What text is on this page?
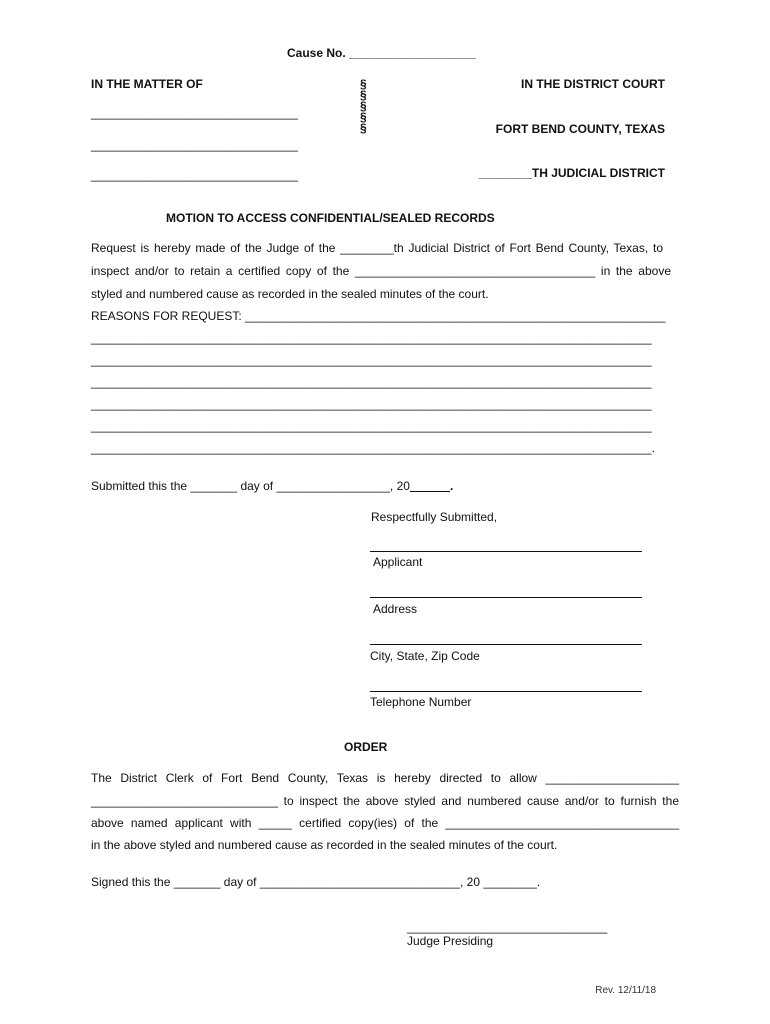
Cause No. ___________________
IN THE MATTER OF
_______________________________
_______________________________
_______________________________
§
§
§
§
§
IN THE DISTRICT COURT
FORT BEND COUNTY, TEXAS
________TH JUDICIAL DISTRICT
MOTION TO ACCESS CONFIDENTIAL/SEALED RECORDS
Request is hereby made of the Judge of the ________th Judicial District of Fort Bend County, Texas, to
inspect and/or to retain a certified copy of the ____________________________________ in the above
styled and numbered cause as recorded in the sealed minutes of the court.
REASONS FOR REQUEST: _______________________________________________________________
____________________________________________________________________________________
____________________________________________________________________________________
____________________________________________________________________________________
____________________________________________________________________________________
____________________________________________________________________________________
____________________________________________________________________________________.
Submitted this the _______ day of _________________, 20______.
Respectfully Submitted,
Applicant
Address
City, State, Zip Code
Telephone Number
ORDER
The District Clerk of Fort Bend County, Texas is hereby directed to allow ____________________
____________________________ to inspect the above styled and numbered cause and/or to furnish the
above named applicant with _____ certified copy(ies) of the ___________________________________
in the above styled and numbered cause as recorded in the sealed minutes of the court.
Signed this the _______ day of ______________________________, 20 ________.
______________________________
Judge Presiding
Rev. 12/11/18
